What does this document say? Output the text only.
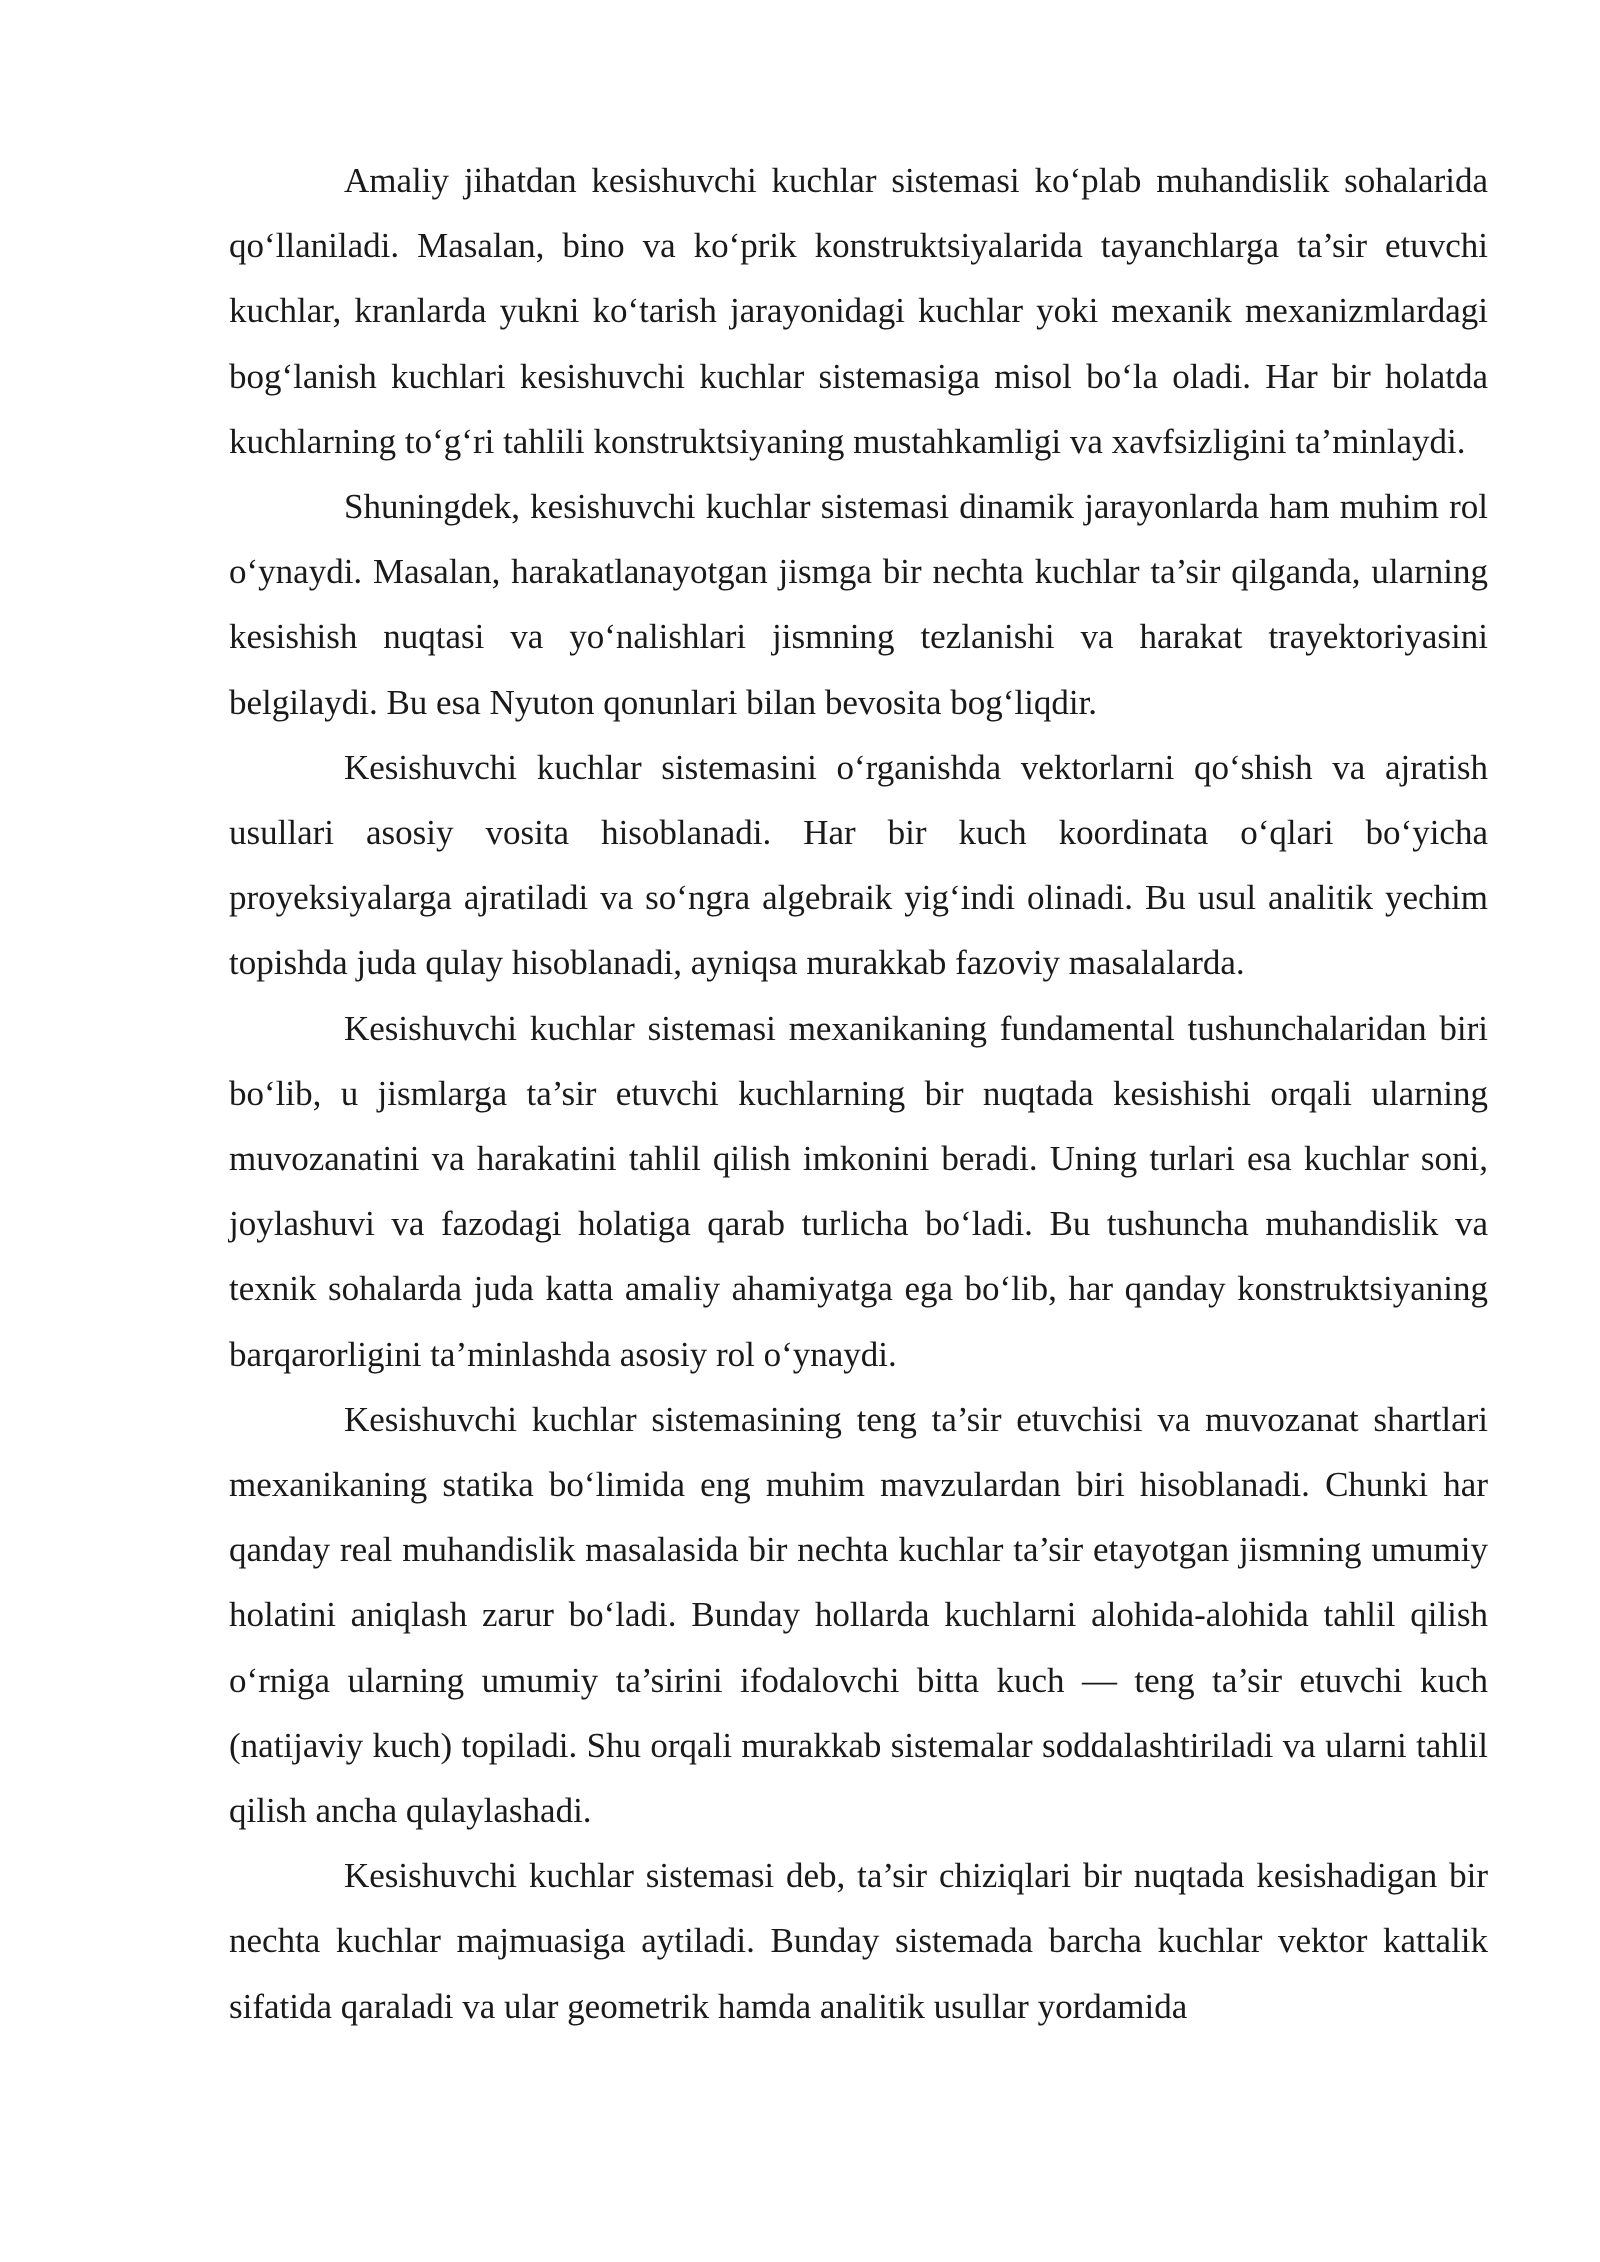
Amaliy jihatdan kesishuvchi kuchlar sistemasi ko‘plab muhandislik sohalarida qo‘llaniladi. Masalan, bino va ko‘prik konstruktsiyalarida tayanchlarga ta’sir etuvchi kuchlar, kranlarda yukni ko‘tarish jarayonidagi kuchlar yoki mexanik mexanizmlardagi bog‘lanish kuchlari kesishuvchi kuchlar sistemasiga misol bo‘la oladi. Har bir holatda kuchlarning to‘g‘ri tahlili konstruktsiyaning mustahkamligi va xavfsizligini ta’minlaydi.

Shuningdek, kesishuvchi kuchlar sistemasi dinamik jarayonlarda ham muhim rol o‘ynaydi. Masalan, harakatlanayotgan jismga bir nechta kuchlar ta’sir qilganda, ularning kesishish nuqtasi va yo‘nalishlari jismning tezlanishi va harakat trayektoriyasini belgilaydi. Bu esa Nyuton qonunlari bilan bevosita bog‘liqdir.

Kesishuvchi kuchlar sistemasini o‘rganishda vektorlarni qo‘shish va ajratish usullari asosiy vosita hisoblanadi. Har bir kuch koordinata o‘qlari bo‘yicha proyeksiyalarga ajratiladi va so‘ngra algebraik yig‘indi olinadi. Bu usul analitik yechim topishda juda qulay hisoblanadi, ayniqsa murakkab fazoviy masalalarda.

Kesishuvchi kuchlar sistemasi mexanikaning fundamental tushunchalaridan biri bo‘lib, u jismlarga ta’sir etuvchi kuchlarning bir nuqtada kesishishi orqali ularning muvozanatini va harakatini tahlil qilish imkonini beradi. Uning turlari esa kuchlar soni, joylashuvi va fazodagi holatiga qarab turlicha bo‘ladi. Bu tushuncha muhandislik va texnik sohalarda juda katta amaliy ahamiyatga ega bo‘lib, har qanday konstruktsiyaning barqarorligini ta’minlashda asosiy rol o‘ynaydi.

Kesishuvchi kuchlar sistemasining teng ta’sir etuvchisi va muvozanat shartlari mexanikaning statika bo‘limida eng muhim mavzulardan biri hisoblanadi. Chunki har qanday real muhandislik masalasida bir nechta kuchlar ta’sir etayotgan jismning umumiy holatini aniqlash zarur bo‘ladi. Bunday hollarda kuchlarni alohida-alohida tahlil qilish o‘rniga ularning umumiy ta’sirini ifodalovchi bitta kuch — teng ta’sir etuvchi kuch (natijaviy kuch) topiladi. Shu orqali murakkab sistemalar soddalashtiriladi va ularni tahlil qilish ancha qulaylashadi.

Kesishuvchi kuchlar sistemasi deb, ta’sir chiziqlari bir nuqtada kesishadigan bir nechta kuchlar majmuasiga aytiladi. Bunday sistemada barcha kuchlar vektor kattalik sifatida qaraladi va ular geometrik hamda analitik usullar yordamida
